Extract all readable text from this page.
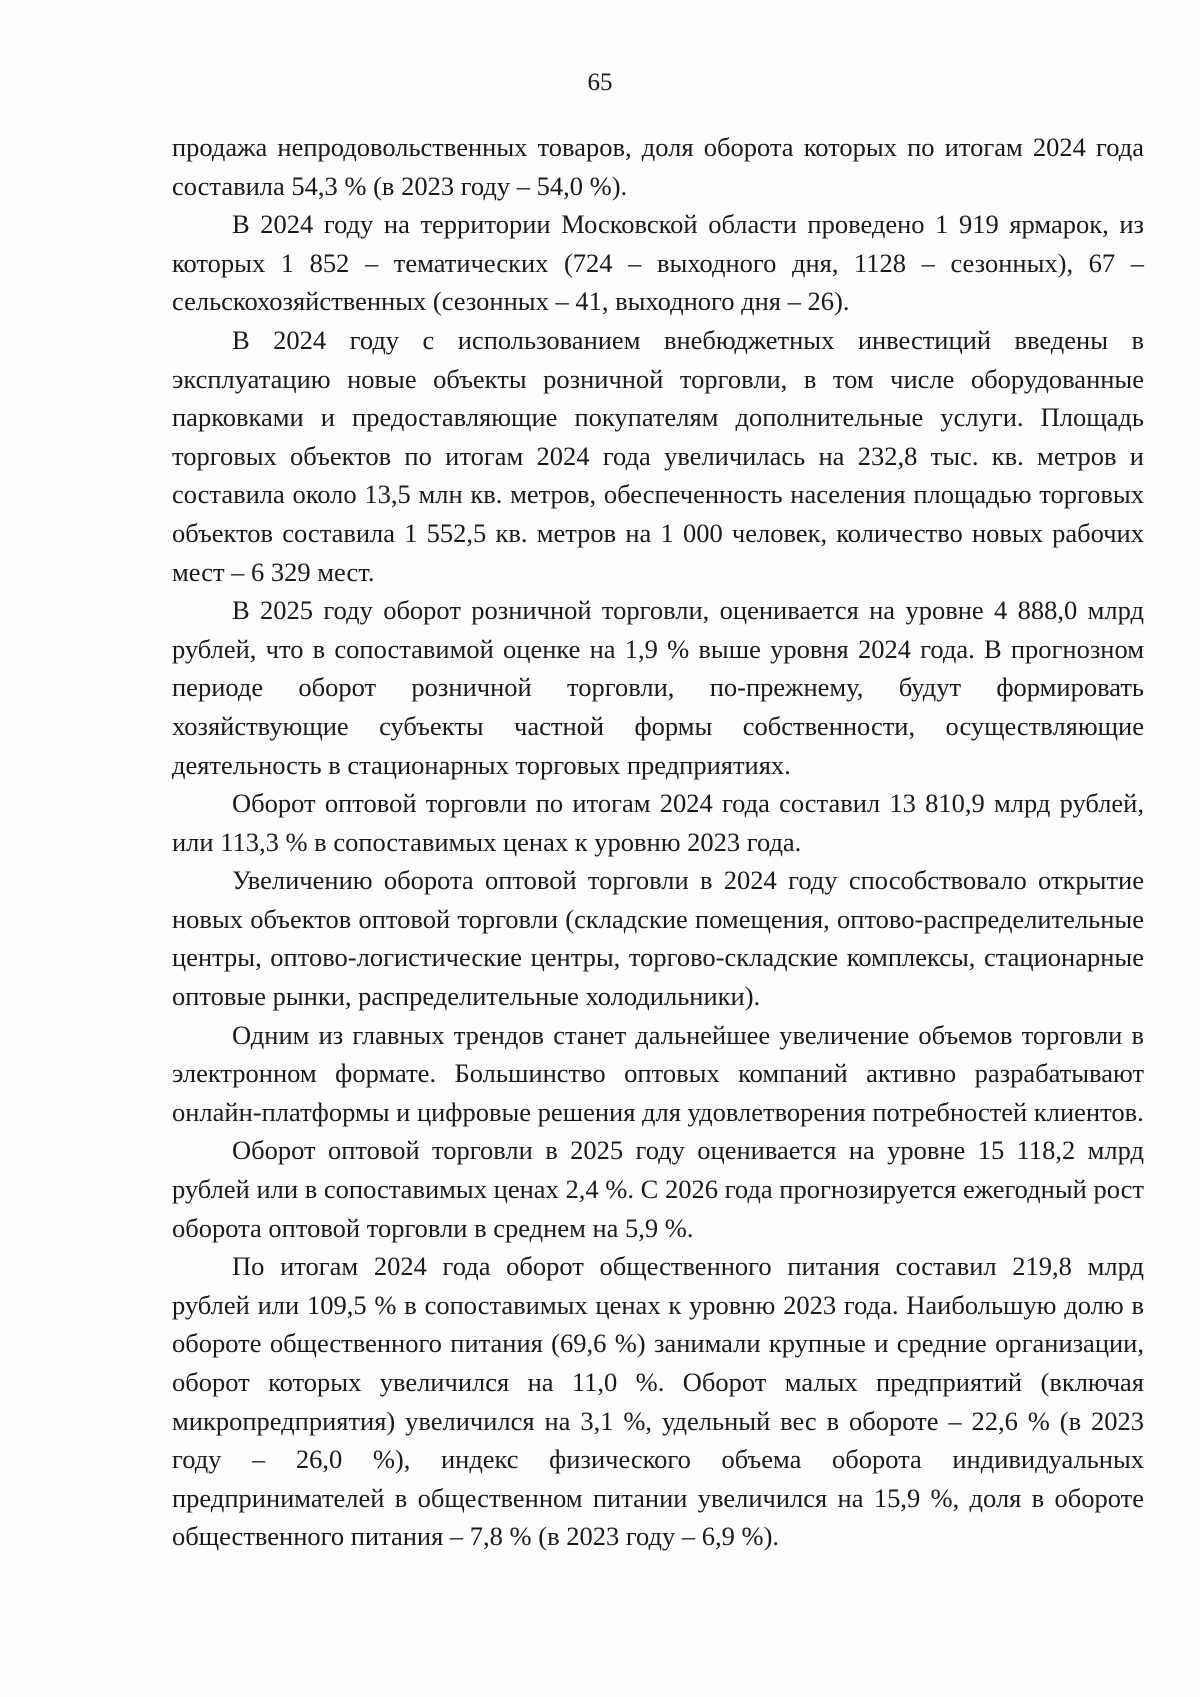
65

продажа непродовольственных товаров, доля оборота которых по итогам 2024 года составила 54,3 % (в 2023 году – 54,0 %).

В 2024 году на территории Московской области проведено 1 919 ярмарок, из которых 1 852 – тематических (724 – выходного дня, 1128 – сезонных), 67 – сельскохозяйственных (сезонных – 41, выходного дня – 26).

В 2024 году с использованием внебюджетных инвестиций введены в эксплуатацию новые объекты розничной торговли, в том числе оборудованные парковками и предоставляющие покупателям дополнительные услуги. Площадь торговых объектов по итогам 2024 года увеличилась на 232,8 тыс. кв. метров и составила около 13,5 млн кв. метров, обеспеченность населения площадью торговых объектов составила 1 552,5 кв. метров на 1 000 человек, количество новых рабочих мест – 6 329 мест.

В 2025 году оборот розничной торговли, оценивается на уровне 4 888,0 млрд рублей, что в сопоставимой оценке на 1,9 % выше уровня 2024 года. В прогнозном периоде оборот розничной торговли, по-прежнему, будут формировать хозяйствующие субъекты частной формы собственности, осуществляющие деятельность в стационарных торговых предприятиях.

Оборот оптовой торговли по итогам 2024 года составил 13 810,9 млрд рублей, или 113,3 % в сопоставимых ценах к уровню 2023 года.

Увеличению оборота оптовой торговли в 2024 году способствовало открытие новых объектов оптовой торговли (складские помещения, оптово-распределительные центры, оптово-логистические центры, торгово-складские комплексы, стационарные оптовые рынки, распределительные холодильники).

Одним из главных трендов станет дальнейшее увеличение объемов торговли в электронном формате. Большинство оптовых компаний активно разрабатывают онлайн-платформы и цифровые решения для удовлетворения потребностей клиентов.

Оборот оптовой торговли в 2025 году оценивается на уровне 15 118,2 млрд рублей или в сопоставимых ценах 2,4 %. С 2026 года прогнозируется ежегодный рост оборота оптовой торговли в среднем на 5,9 %.

По итогам 2024 года оборот общественного питания составил 219,8 млрд рублей или 109,5 % в сопоставимых ценах к уровню 2023 года. Наибольшую долю в обороте общественного питания (69,6 %) занимали крупные и средние организации, оборот которых увеличился на 11,0 %. Оборот малых предприятий (включая микропредприятия) увеличился на 3,1 %, удельный вес в обороте – 22,6 % (в 2023 году – 26,0 %), индекс физического объема оборота индивидуальных предпринимателей в общественном питании увеличился на 15,9 %, доля в обороте общественного питания – 7,8 % (в 2023 году – 6,9 %).
